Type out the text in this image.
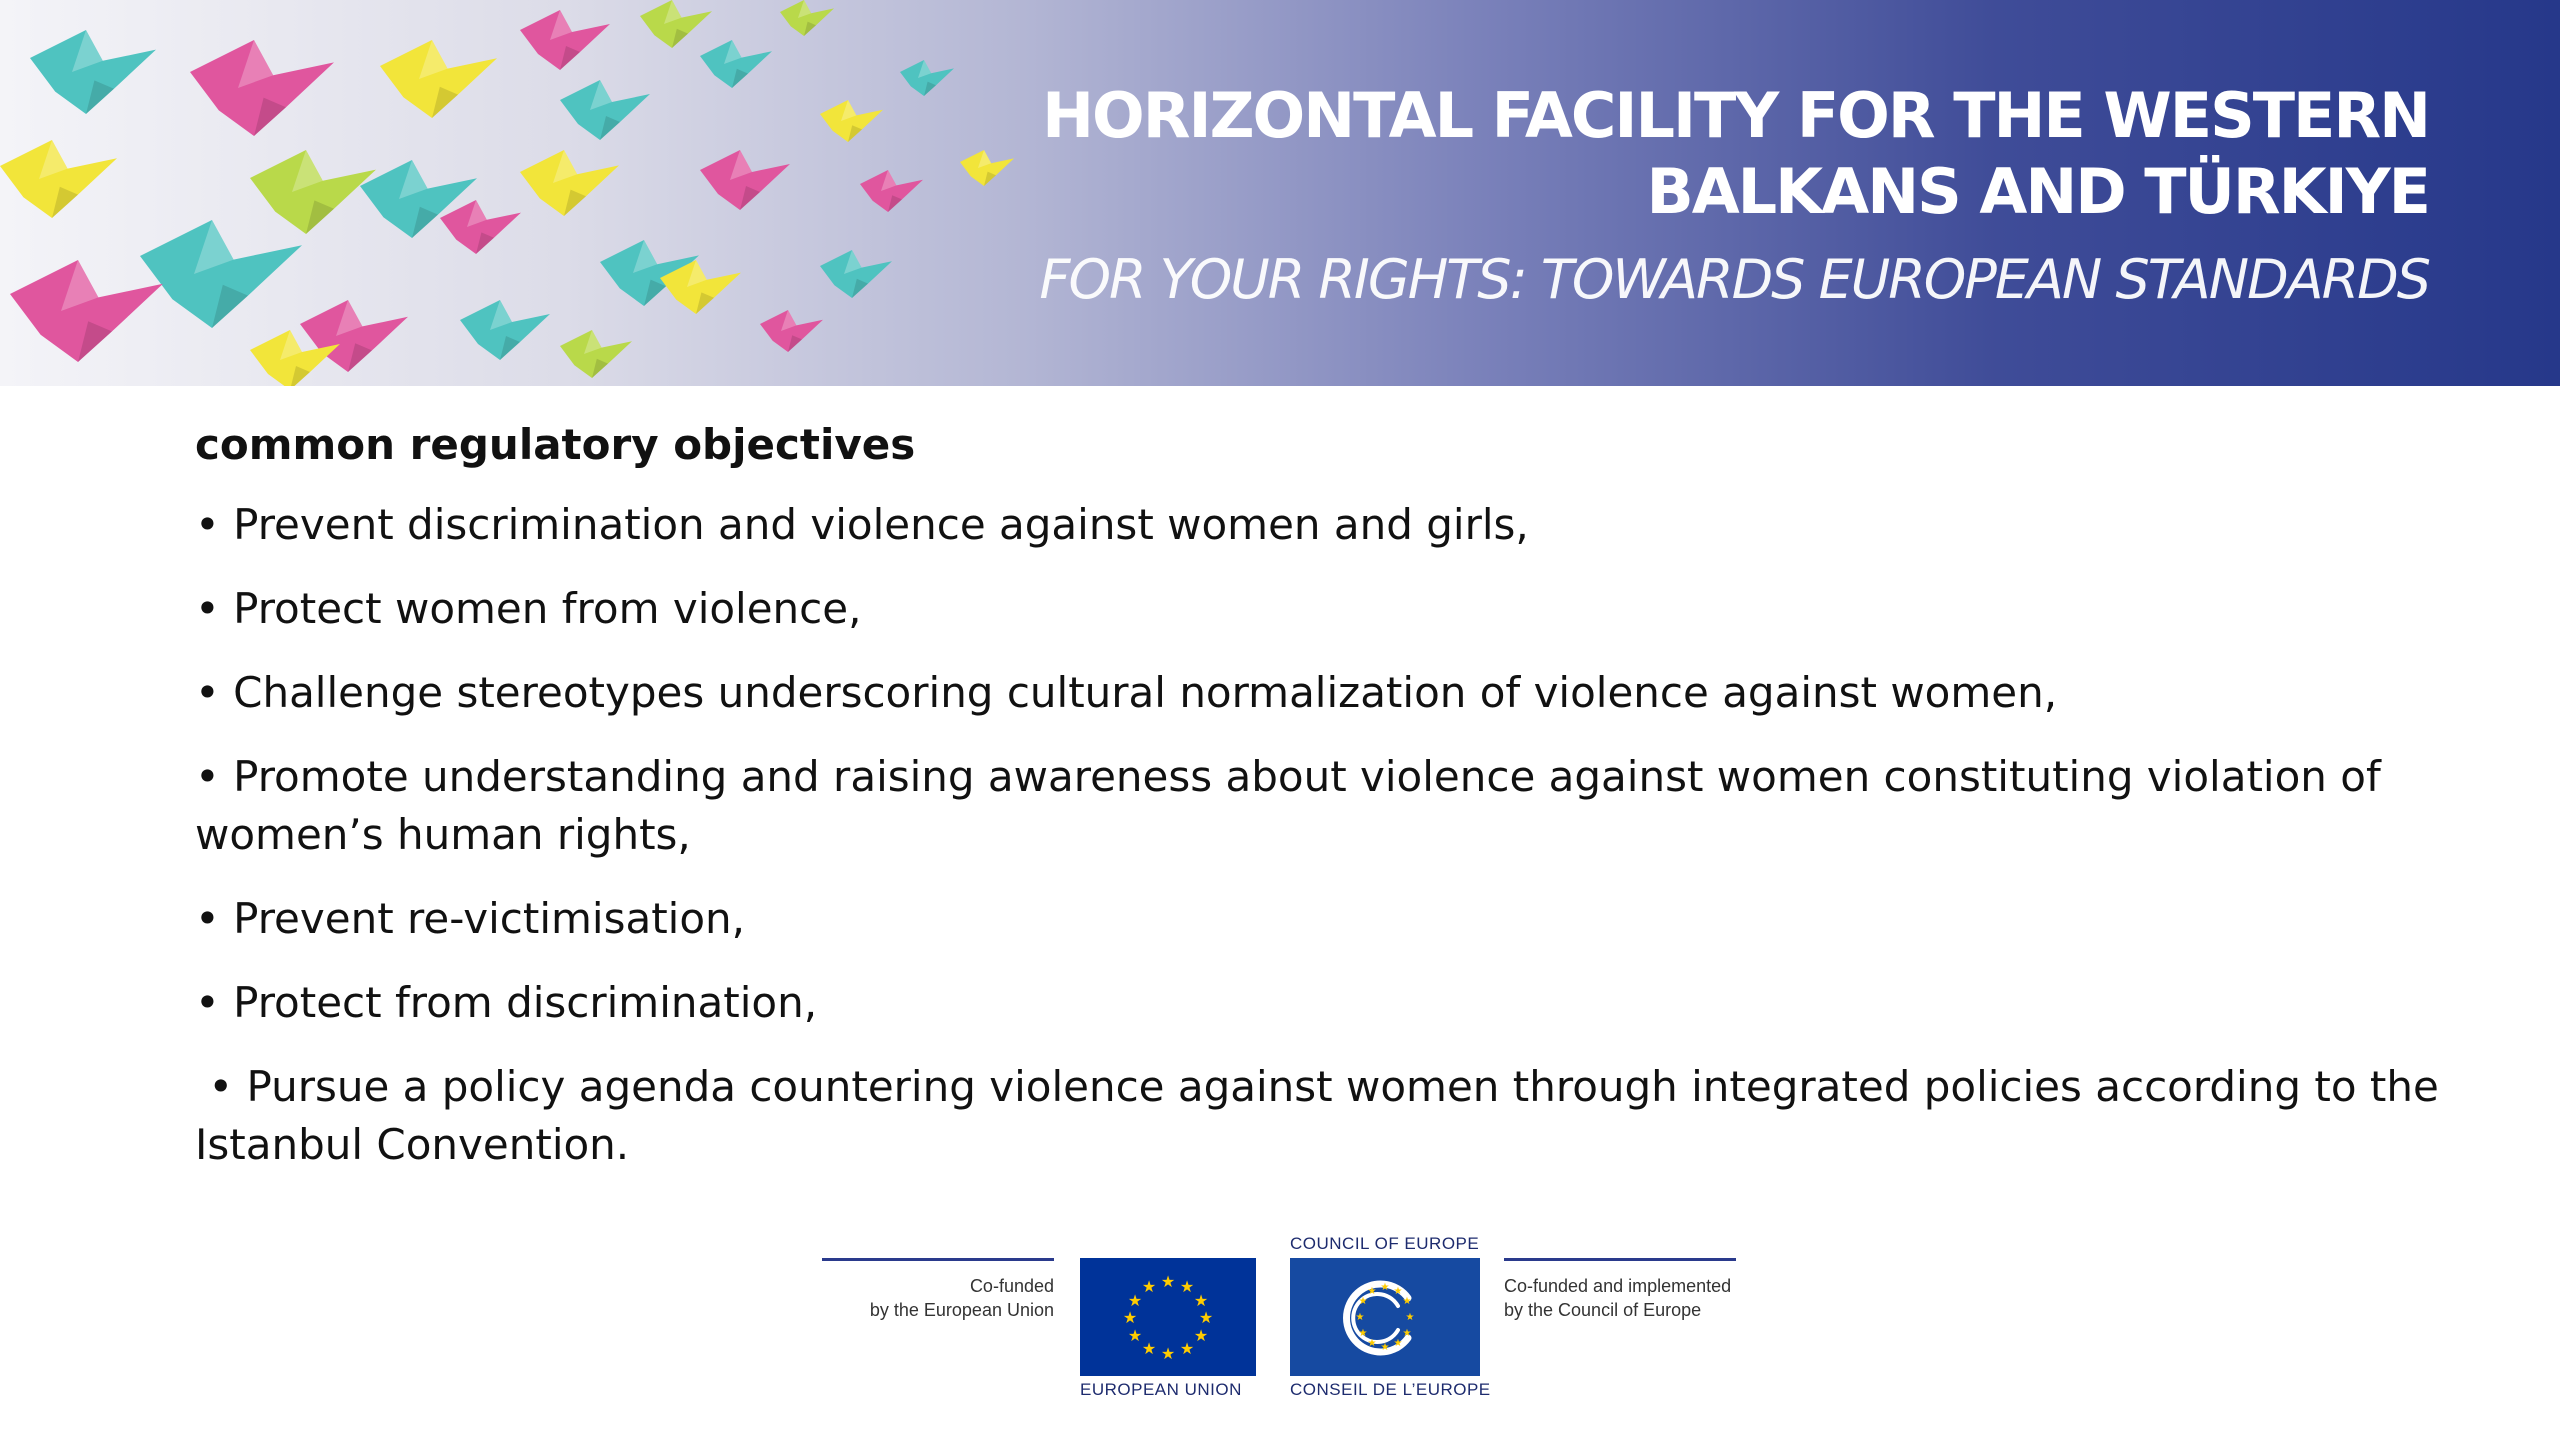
HORIZONTAL FACILITY FOR THE WESTERN
BALKANS AND TÜRKIYE
FOR YOUR RIGHTS: TOWARDS EUROPEAN STANDARDS
common regulatory objectives
• Prevent discrimination and violence against women and girls,
• Protect women from violence,
• Challenge stereotypes underscoring cultural normalization of violence against women,
• Promote understanding and raising awareness about violence against women constituting violation of women’s human rights,
• Prevent re-victimisation,
• Protect from discrimination,
• Pursue a policy agenda countering violence against women through integrated policies according to the Istanbul Convention.
Co-funded
by the European Union
★ ★
★
★
★
★
★
★
★
★
★
★
EUROPEAN UNION
COUNCIL OF EUROPE
★ ★
★
★
★
★
★
★
★
★
★
★
CONSEIL DE L’EUROPE
Co-funded and implemented
by the Council of Europe
